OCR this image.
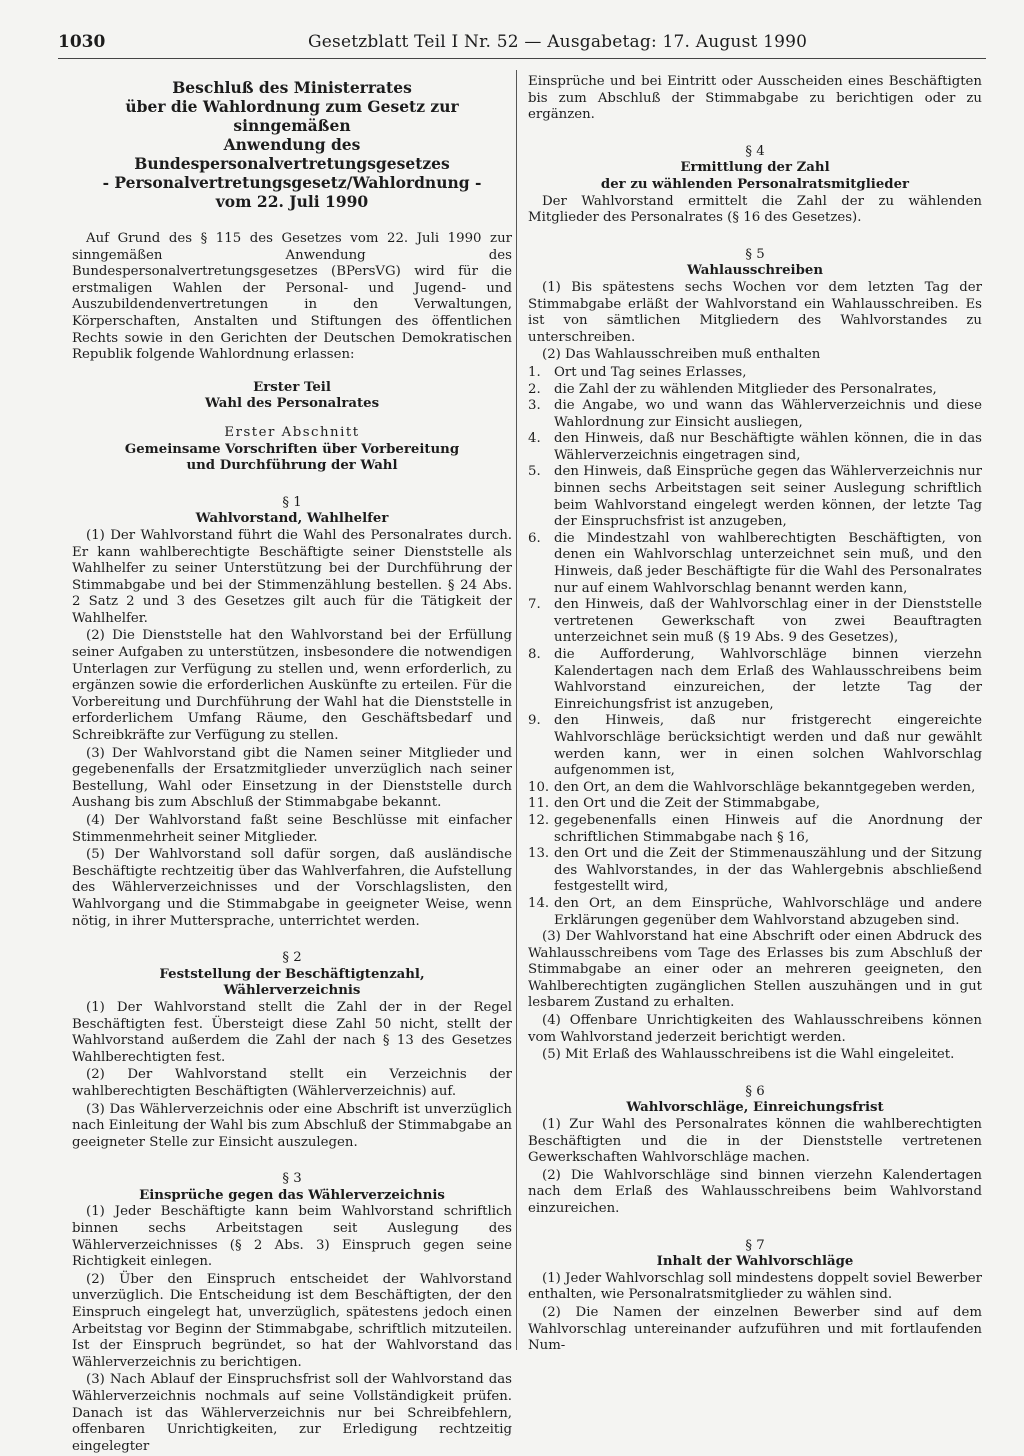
1030	Gesetzblatt Teil I Nr. 52 — Ausgabetag: 17. August 1990
Beschluß des Ministerrates
über die Wahlordnung zum Gesetz zur sinngemäßen
Anwendung des Bundespersonalvertretungsgesetzes
- Personalvertretungsgesetz/Wahlordnung -
vom 22. Juli 1990

Auf Grund des § 115 des Gesetzes vom 22. Juli 1990 zur sinngemäßen Anwendung des Bundespersonalvertretungsgesetzes (BPersVG) wird für die erstmaligen Wahlen der Personal- und Jugend- und Auszubildendenvertretungen in den Verwaltungen, Körperschaften, Anstalten und Stiftungen des öffentlichen Rechts sowie in den Gerichten der Deutschen Demokratischen Republik folgende Wahlordnung erlassen:

Erster Teil
Wahl des Personalrates
Erster Abschnitt
Gemeinsame Vorschriften über Vorbereitung
und Durchführung der Wahl
§ 1
Wahlvorstand, Wahlhelfer

(1) Der Wahlvorstand führt die Wahl des Personalrates durch. Er kann wahlberechtigte Beschäftigte seiner Dienststelle als Wahlhelfer zu seiner Unterstützung bei der Durchführung der Stimmabgabe und bei der Stimmenzählung bestellen. § 24 Abs. 2 Satz 2 und 3 des Gesetzes gilt auch für die Tätigkeit der Wahlhelfer.

(2) Die Dienststelle hat den Wahlvorstand bei der Erfüllung seiner Aufgaben zu unterstützen, insbesondere die notwendigen Unterlagen zur Verfügung zu stellen und, wenn erforderlich, zu ergänzen sowie die erforderlichen Auskünfte zu erteilen. Für die Vorbereitung und Durchführung der Wahl hat die Dienststelle in erforderlichem Umfang Räume, den Geschäftsbedarf und Schreibkräfte zur Verfügung zu stellen.

(3) Der Wahlvorstand gibt die Namen seiner Mitglieder und gegebenenfalls der Ersatzmitglieder unverzüglich nach seiner Bestellung, Wahl oder Einsetzung in der Dienststelle durch Aushang bis zum Abschluß der Stimmabgabe bekannt.

(4) Der Wahlvorstand faßt seine Beschlüsse mit einfacher Stimmenmehrheit seiner Mitglieder.

(5) Der Wahlvorstand soll dafür sorgen, daß ausländische Beschäftigte rechtzeitig über das Wahlverfahren, die Aufstellung des Wählerverzeichnisses und der Vorschlagslisten, den Wahlvorgang und die Stimmabgabe in geeigneter Weise, wenn nötig, in ihrer Muttersprache, unterrichtet werden.

§ 2
Feststellung der Beschäftigtenzahl,
Wählerverzeichnis

(1) Der Wahlvorstand stellt die Zahl der in der Regel Beschäftigten fest. Übersteigt diese Zahl 50 nicht, stellt der Wahlvorstand außerdem die Zahl der nach § 13 des Gesetzes Wahlberechtigten fest.

(2) Der Wahlvorstand stellt ein Verzeichnis der wahlberechtigten Beschäftigten (Wählerverzeichnis) auf.

(3) Das Wählerverzeichnis oder eine Abschrift ist unverzüglich nach Einleitung der Wahl bis zum Abschluß der Stimmabgabe an geeigneter Stelle zur Einsicht auszulegen.

§ 3
Einsprüche gegen das Wählerverzeichnis

(1) Jeder Beschäftigte kann beim Wahlvorstand schriftlich binnen sechs Arbeitstagen seit Auslegung des Wählerverzeichnisses (§ 2 Abs. 3) Einspruch gegen seine Richtigkeit einlegen.

(2) Über den Einspruch entscheidet der Wahlvorstand unverzüglich. Die Entscheidung ist dem Beschäftigten, der den Einspruch eingelegt hat, unverzüglich, spätestens jedoch einen Arbeitstag vor Beginn der Stimmabgabe, schriftlich mitzuteilen. Ist der Einspruch begründet, so hat der Wahlvorstand das Wählerverzeichnis zu berichtigen.

(3) Nach Ablauf der Einspruchsfrist soll der Wahlvorstand das Wählerverzeichnis nochmals auf seine Vollständigkeit prüfen. Danach ist das Wählerverzeichnis nur bei Schreibfehlern, offenbaren Unrichtigkeiten, zur Erledigung rechtzeitig eingelegter

Einsprüche und bei Eintritt oder Ausscheiden eines Beschäftigten bis zum Abschluß der Stimmabgabe zu berichtigen oder zu ergänzen.

§ 4
Ermittlung der Zahl
der zu wählenden Personalratsmitglieder

Der Wahlvorstand ermittelt die Zahl der zu wählenden Mitglieder des Personalrates (§ 16 des Gesetzes).

§ 5
Wahlausschreiben

(1) Bis spätestens sechs Wochen vor dem letzten Tag der Stimmabgabe erläßt der Wahlvorstand ein Wahlausschreiben. Es ist von sämtlichen Mitgliedern des Wahlvorstandes zu unterschreiben.

(2) Das Wahlausschreiben muß enthalten

1.	Ort und Tag seines Erlasses,
2.	die Zahl der zu wählenden Mitglieder des Personalrates,
3.	die Angabe, wo und wann das Wählerverzeichnis und diese Wahlordnung zur Einsicht ausliegen,
4.	den Hinweis, daß nur Beschäftigte wählen können, die in das Wählerverzeichnis eingetragen sind,
5.	den Hinweis, daß Einsprüche gegen das Wählerverzeichnis nur binnen sechs Arbeitstagen seit seiner Auslegung schriftlich beim Wahlvorstand eingelegt werden können, der letzte Tag der Einspruchsfrist ist anzugeben,
6.	die Mindestzahl von wahlberechtigten Beschäftigten, von denen ein Wahlvorschlag unterzeichnet sein muß, und den Hinweis, daß jeder Beschäftigte für die Wahl des Personalrates nur auf einem Wahlvorschlag benannt werden kann,
7.	den Hinweis, daß der Wahlvorschlag einer in der Dienststelle vertretenen Gewerkschaft von zwei Beauftragten unterzeichnet sein muß (§ 19 Abs. 9 des Gesetzes),
8.	die Aufforderung, Wahlvorschläge binnen vierzehn Kalendertagen nach dem Erlaß des Wahlausschreibens beim Wahlvorstand einzureichen, der letzte Tag der Einreichungsfrist ist anzugeben,
9.	den Hinweis, daß nur fristgerecht eingereichte Wahlvorschläge berücksichtigt werden und daß nur gewählt werden kann, wer in einen solchen Wahlvorschlag aufgenommen ist,
10. den Ort, an dem die Wahlvorschläge bekanntgegeben werden,
11. den Ort und die Zeit der Stimmabgabe,
12. gegebenenfalls einen Hinweis auf die Anordnung der schriftlichen Stimmabgabe nach § 16,
13. den Ort und die Zeit der Stimmenauszählung und der Sitzung des Wahlvorstandes, in der das Wahlergebnis abschließend festgestellt wird,
14. den Ort, an dem Einsprüche, Wahlvorschläge und andere Erklärungen gegenüber dem Wahlvorstand abzugeben sind.

(3) Der Wahlvorstand hat eine Abschrift oder einen Abdruck des Wahlausschreibens vom Tage des Erlasses bis zum Abschluß der Stimmabgabe an einer oder an mehreren geeigneten, den Wahlberechtigten zugänglichen Stellen auszuhängen und in gut lesbarem Zustand zu erhalten.

(4) Offenbare Unrichtigkeiten des Wahlausschreibens können vom Wahlvorstand jederzeit berichtigt werden.

(5) Mit Erlaß des Wahlausschreibens ist die Wahl eingeleitet.

§ 6
Wahlvorschläge, Einreichungsfrist

(1) Zur Wahl des Personalrates können die wahlberechtigten Beschäftigten und die in der Dienststelle vertretenen Gewerkschaften Wahlvorschläge machen.

(2) Die Wahlvorschläge sind binnen vierzehn Kalendertagen nach dem Erlaß des Wahlausschreibens beim Wahlvorstand einzureichen.

§ 7
Inhalt der Wahlvorschläge

(1) Jeder Wahlvorschlag soll mindestens doppelt soviel Bewerber enthalten, wie Personalratsmitglieder zu wählen sind.

(2) Die Namen der einzelnen Bewerber sind auf dem Wahlvorschlag untereinander aufzuführen und mit fortlaufenden Num-
